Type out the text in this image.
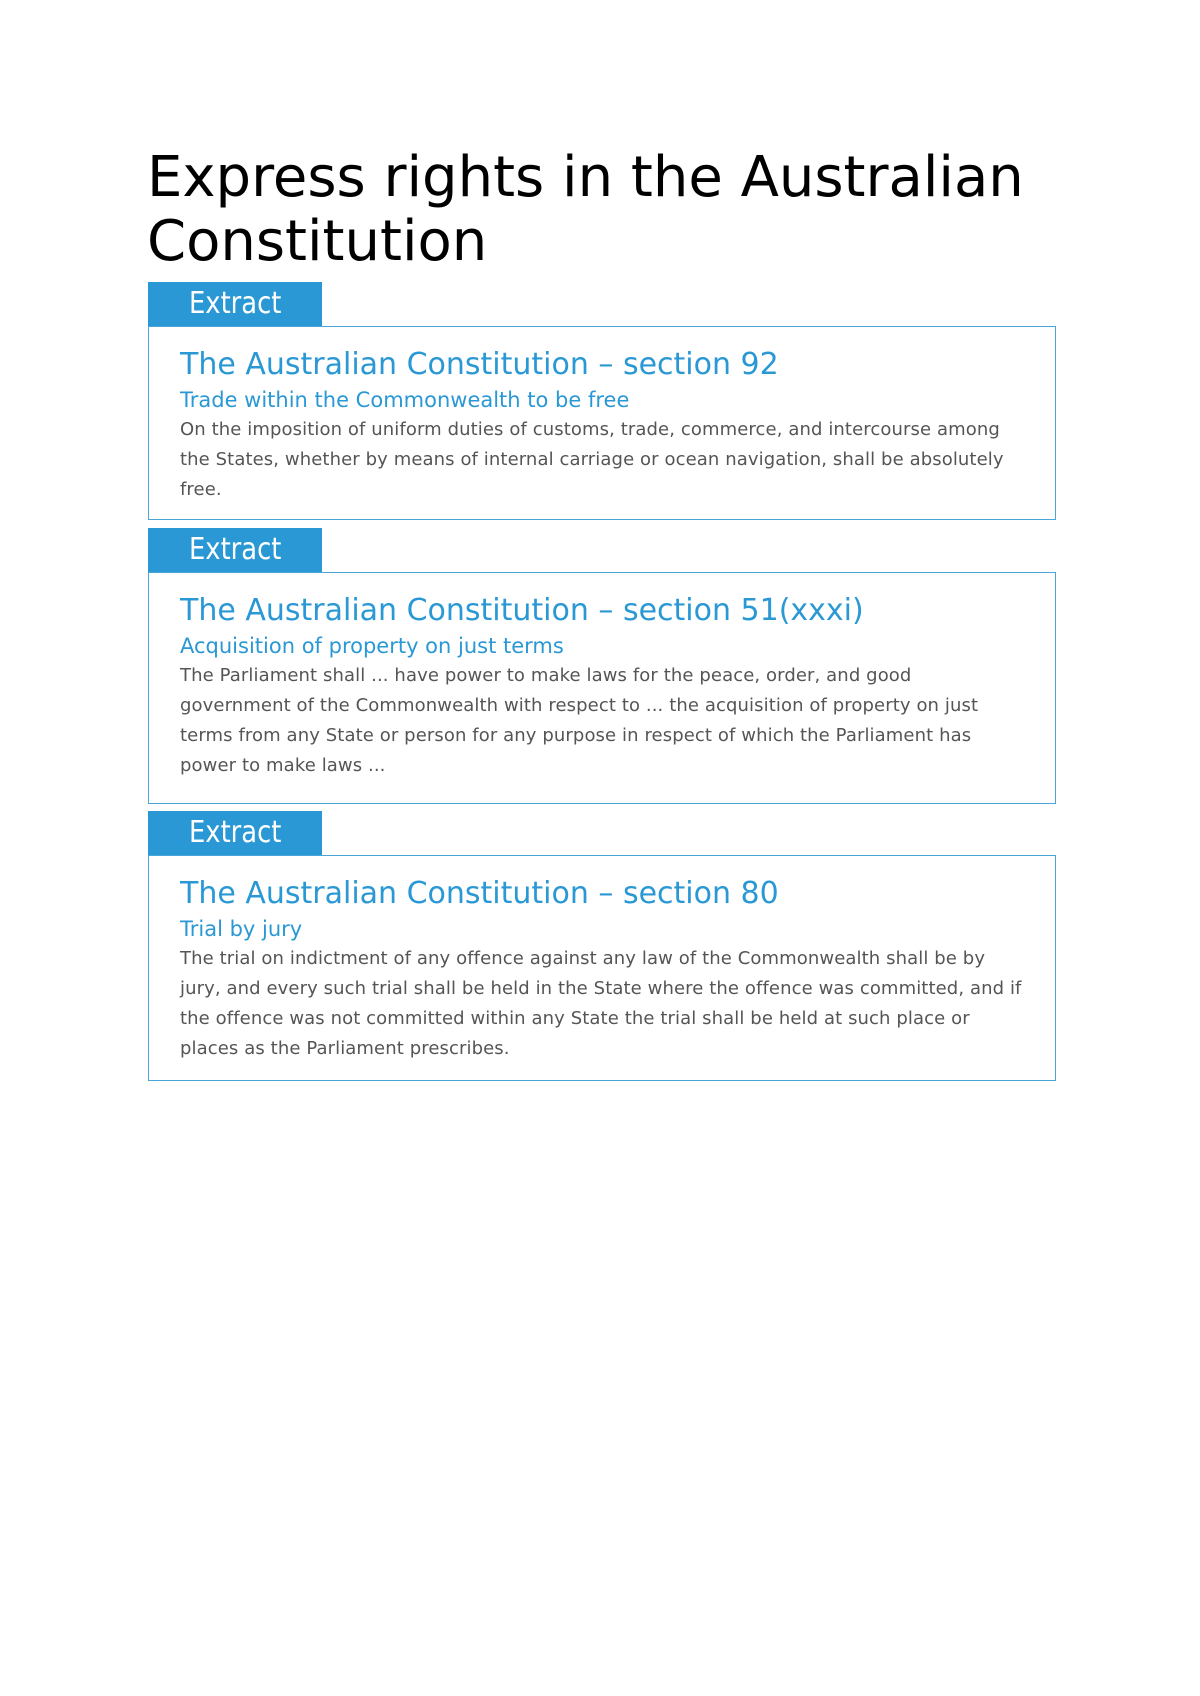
Express rights in the Australian Constitution
Extract

The Australian Constitution – section 92

Trade within the Commonwealth to be free

On the imposition of uniform duties of customs, trade, commerce, and intercourse among the States, whether by means of internal carriage or ocean navigation, shall be absolutely free.

Extract

The Australian Constitution – section 51(xxxi)

Acquisition of property on just terms

The Parliament shall ... have power to make laws for the peace, order, and good government of the Commonwealth with respect to ... the acquisition of property on just terms from any State or person for any purpose in respect of which the Parliament has power to make laws ...

Extract

The Australian Constitution – section 80

Trial by jury

The trial on indictment of any offence against any law of the Commonwealth shall be by jury, and every such trial shall be held in the State where the offence was committed, and if the offence was not committed within any State the trial shall be held at such place or places as the Parliament prescribes.
